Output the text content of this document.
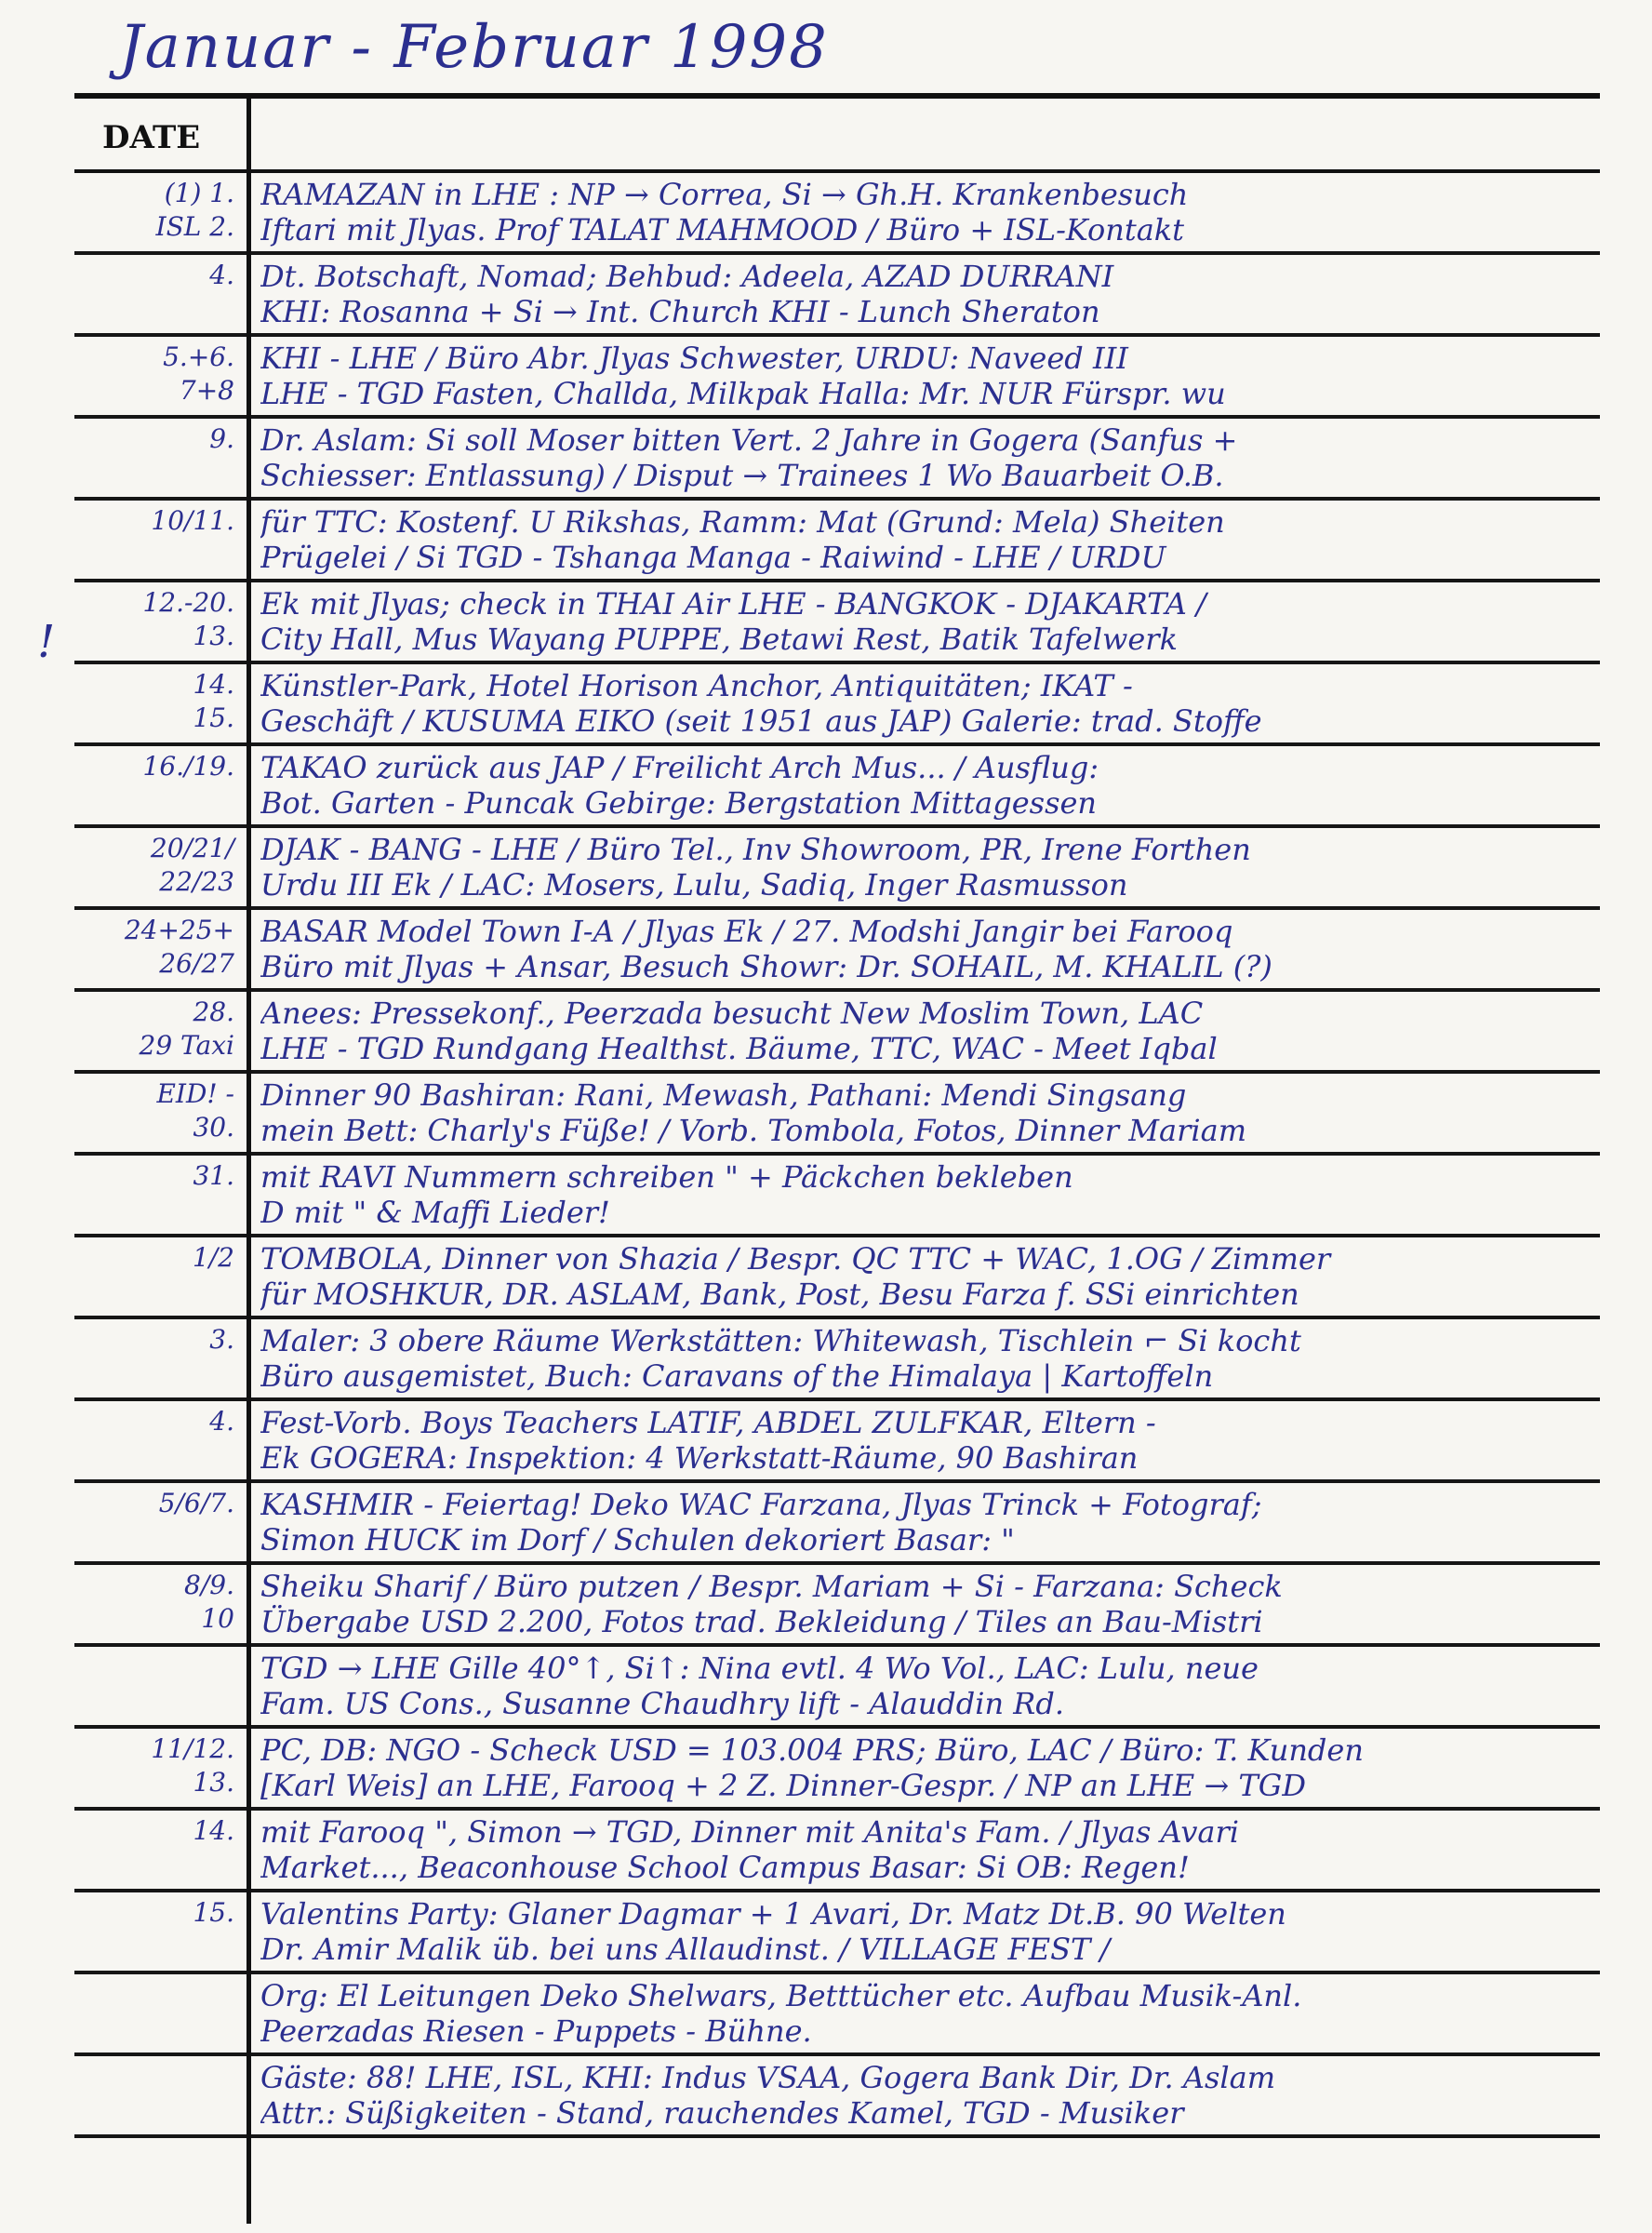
Januar - Februar 1998
!
DATE
(1) 1.
ISL 2.
RAMAZAN in LHE : NP → Correa, Si → Gh.H. Krankenbesuch
Iftari mit Jlyas. Prof TALAT MAHMOOD / Büro + ISL-Kontakt
4. Dt. Botschaft, Nomad; Behbud: Adeela, AZAD DURRANI
KHI: Rosanna + Si → Int. Church KHI - Lunch Sheraton
5.+6.
7+8
KHI - LHE / Büro Abr. Jlyas Schwester, URDU: Naveed III
LHE - TGD Fasten, Challda, Milkpak Halla: Mr. NUR Fürspr. wu
9. Dr. Aslam: Si soll Moser bitten Vert. 2 Jahre in Gogera (Sanfus +
Schiesser: Entlassung) / Disput → Trainees 1 Wo Bauarbeit O.B.
10/11. für TTC: Kostenf. U Rikshas, Ramm: Mat (Grund: Mela) Sheiten
Prügelei / Si TGD - Tshanga Manga - Raiwind - LHE / URDU
12.-20.
13.
Ek mit Jlyas; check in THAI Air LHE - BANGKOK - DJAKARTA /
City Hall, Mus Wayang PUPPE, Betawi Rest, Batik Tafelwerk
14.
15.
Künstler-Park, Hotel Horison Anchor, Antiquitäten; IKAT -
Geschäft / KUSUMA EIKO (seit 1951 aus JAP) Galerie: trad. Stoffe
16./19. TAKAO zurück aus JAP / Freilicht Arch Mus... / Ausflug:
Bot. Garten - Puncak Gebirge: Bergstation Mittagessen
20/21/
22/23
DJAK - BANG - LHE / Büro Tel., Inv Showroom, PR, Irene Forthen
Urdu III Ek / LAC: Mosers, Lulu, Sadiq, Inger Rasmusson
24+25+
26/27
BASAR Model Town I-A / Jlyas Ek / 27. Modshi Jangir bei Farooq
Büro mit Jlyas + Ansar, Besuch Showr: Dr. SOHAIL, M. KHALIL (?)
28.
29 Taxi
Anees: Pressekonf., Peerzada besucht New Moslim Town, LAC
LHE - TGD Rundgang Healthst. Bäume, TTC, WAC - Meet Iqbal
EID! -
30.
Dinner 90 Bashiran: Rani, Mewash, Pathani: Mendi Singsang
mein Bett: Charly's Füße! / Vorb. Tombola, Fotos, Dinner Mariam
31. mit RAVI Nummern schreiben " + Päckchen bekleben
D mit " & Maffi Lieder!
1/2 TOMBOLA, Dinner von Shazia / Bespr. QC TTC + WAC, 1.OG / Zimmer
für MOSHKUR, DR. ASLAM, Bank, Post, Besu Farza f. SSi einrichten
3. Maler: 3 obere Räume Werkstätten: Whitewash, Tischlein ⌐ Si kocht
Büro ausgemistet, Buch: Caravans of the Himalaya | Kartoffeln
4. Fest-Vorb. Boys Teachers LATIF, ABDEL ZULFKAR, Eltern -
Ek GOGERA: Inspektion: 4 Werkstatt-Räume, 90 Bashiran
5/6/7. KASHMIR - Feiertag! Deko WAC Farzana, Jlyas Trinck + Fotograf;
Simon HUCK im Dorf / Schulen dekoriert Basar: "
8/9.
10
Sheiku Sharif / Büro putzen / Bespr. Mariam + Si - Farzana: Scheck
Übergabe USD 2.200, Fotos trad. Bekleidung / Tiles an Bau-Mistri
TGD → LHE Gille 40°↑, Si↑: Nina evtl. 4 Wo Vol., LAC: Lulu, neue
Fam. US Cons., Susanne Chaudhry lift - Alauddin Rd.
11/12.
13.
PC, DB: NGO - Scheck USD = 103.004 PRS; Büro, LAC / Büro: T. Kunden
[Karl Weis] an LHE, Farooq + 2 Z. Dinner-Gespr. / NP an LHE → TGD
14. mit Farooq ", Simon → TGD, Dinner mit Anita's Fam. / Jlyas Avari
Market..., Beaconhouse School Campus Basar: Si OB: Regen!
15. Valentins Party: Glaner Dagmar + 1 Avari, Dr. Matz Dt.B. 90 Welten
Dr. Amir Malik üb. bei uns Allaudinst. / VILLAGE FEST /
Org: El Leitungen Deko Shelwars, Betttücher etc. Aufbau Musik-Anl.
Peerzadas Riesen - Puppets - Bühne.
Gäste: 88! LHE, ISL, KHI: Indus VSAA, Gogera Bank Dir, Dr. Aslam
Attr.: Süßigkeiten - Stand, rauchendes Kamel, TGD - Musiker
